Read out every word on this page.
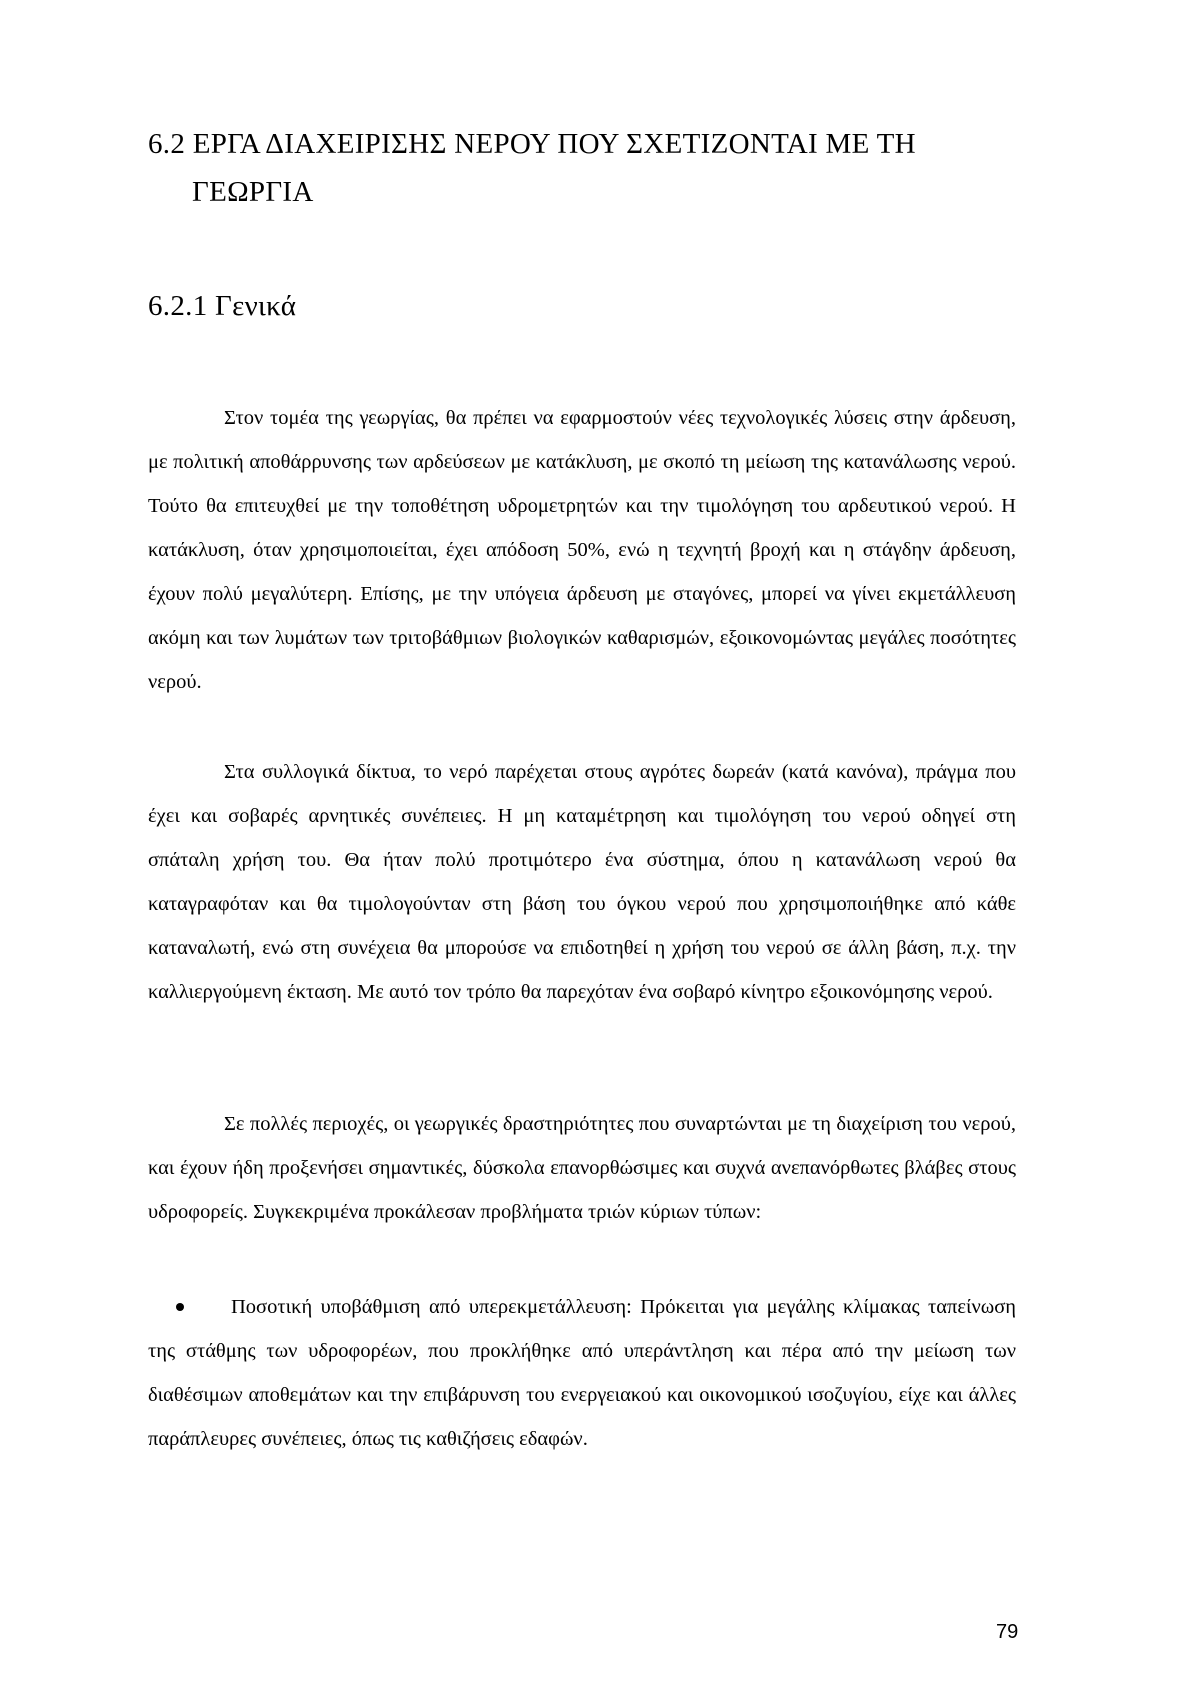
6.2 ΕΡΓΑ ΔΙΑΧΕΙΡΙΣΗΣ ΝΕΡΟΥ ΠΟΥ ΣΧΕΤΙΖΟΝΤΑΙ ΜΕ ΤΗ
ΓΕΩΡΓΙΑ
6.2.1 Γενικά

Στον τομέα της γεωργίας, θα πρέπει να εφαρμοστούν νέες τεχνολογικές λύσεις στην άρδευση, με πολιτική αποθάρρυνσης των αρδεύσεων με κατάκλυση, με σκοπό τη μείωση της κατανάλωσης νερού. Τούτο θα επιτευχθεί με την τοποθέτηση υδρομετρητών και την τιμολόγηση του αρδευτικού νερού. Η κατάκλυση, όταν χρησιμοποιείται, έχει απόδοση 50%, ενώ η τεχνητή βροχή και η στάγδην άρδευση, έχουν πολύ μεγαλύτερη. Επίσης, με την υπόγεια άρδευση με σταγόνες, μπορεί να γίνει εκμετάλλευση ακόμη και των λυμάτων των τριτοβάθμιων βιολογικών καθαρισμών, εξοικονομώντας μεγάλες ποσότητες νερού.

Στα συλλογικά δίκτυα, το νερό παρέχεται στους αγρότες δωρεάν (κατά κανόνα), πράγμα που έχει και σοβαρές αρνητικές συνέπειες. Η μη καταμέτρηση και τιμολόγηση του νερού οδηγεί στη σπάταλη χρήση του. Θα ήταν πολύ προτιμότερο ένα σύστημα, όπου η κατανάλωση νερού θα καταγραφόταν και θα τιμολογούνταν στη βάση του όγκου νερού που χρησιμοποιήθηκε από κάθε καταναλωτή, ενώ στη συνέχεια θα μπορούσε να επιδοτηθεί η χρήση του νερού σε άλλη βάση, π.χ. την καλλιεργούμενη έκταση. Με αυτό τον τρόπο θα παρεχόταν ένα σοβαρό κίνητρο εξοικονόμησης νερού.

Σε πολλές περιοχές, οι γεωργικές δραστηριότητες που συναρτώνται με τη διαχείριση του νερού, και έχουν ήδη προξενήσει σημαντικές, δύσκολα επανορθώσιμες και συχνά ανεπανόρθωτες βλάβες στους υδροφορείς. Συγκεκριμένα προκάλεσαν προβλήματα τριών κύριων τύπων:

Ποσοτική υποβάθμιση από υπερεκμετάλλευση: Πρόκειται για μεγάλης κλίμακας ταπείνωση της στάθμης των υδροφορέων, που προκλήθηκε από υπεράντληση και πέρα από την μείωση των διαθέσιμων αποθεμάτων και την επιβάρυνση του ενεργειακού και οικονομικού ισοζυγίου, είχε και άλλες παράπλευρες συνέπειες, όπως τις καθιζήσεις εδαφών.

79
